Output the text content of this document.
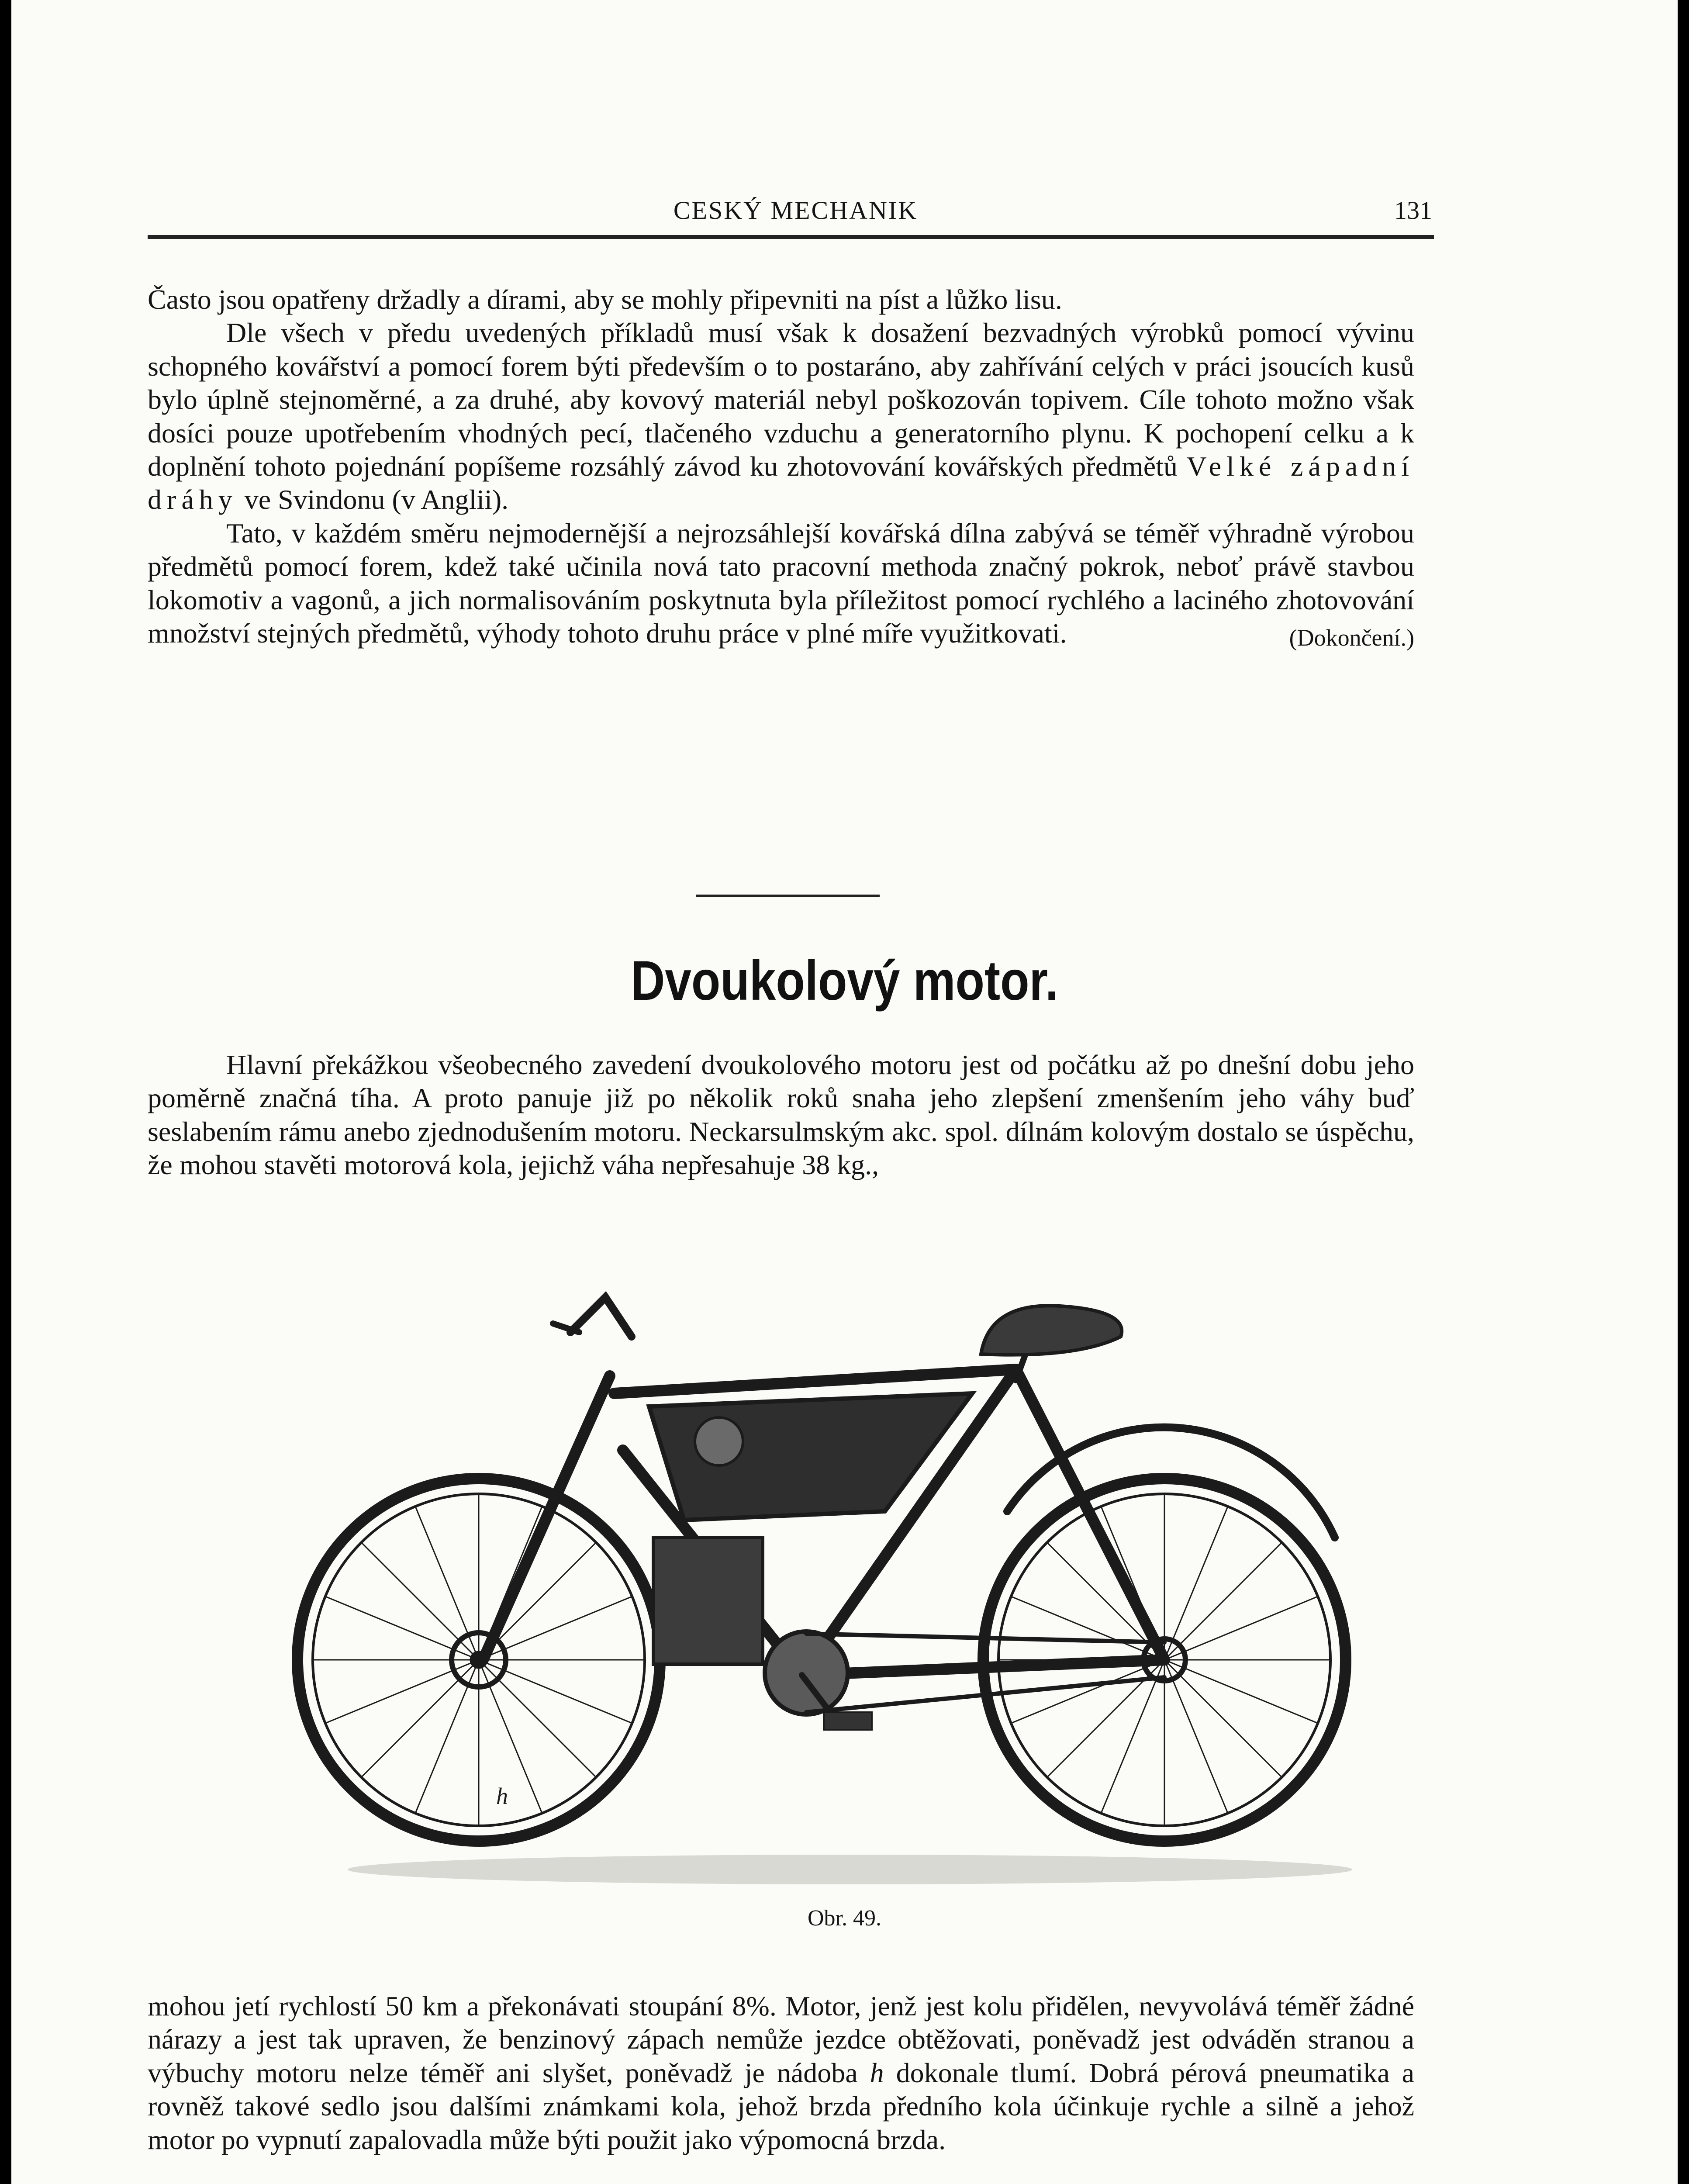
CESKÝ MECHANIK	131

Často jsou opatřeny držadly a dírami, aby se mohly připevniti na píst a lůžko lisu.

Dle všech v předu uvedených příkladů musí však k dosažení bezvadných výrobků pomocí vývinu schopného kovářství a pomocí forem býti především o to postaráno, aby zahřívání celých v práci jsoucích kusů bylo úplně stejnoměrné, a za druhé, aby kovový materiál nebyl poškozován topivem. Cíle tohoto možno však dosíci pouze upotřebením vhodných pecí, tlačeného vzduchu a generatorního plynu. K pochopení celku a k doplnění tohoto pojednání popíšeme rozsáhlý závod ku zhotovování kovářských předmětů Velké západní dráhy ve Svindonu (v Anglii).

Tato, v každém směru nejmodernější a nejrozsáhlejší kovářská dílna zabývá se téměř výhradně výrobou předmětů pomocí forem, kdež také učinila nová tato pracovní methoda značný pokrok, neboť právě stavbou lokomotiv a vagonů, a jich normalisováním poskytnuta byla příležitost pomocí rychlého a laciného zhotovování množství stejných předmětů, výhody tohoto druhu práce v plné míře využitkovati.	(Dokončení.)

Dvoukolový motor.

Hlavní překážkou všeobecného zavedení dvoukolového motoru jest od počátku až po dnešní dobu jeho poměrně značná tíha. A proto panuje již po několik roků snaha jeho zlepšení zmenšením jeho váhy buď seslabením rámu anebo zjednodušením motoru. Neckarsulmským akc. spol. dílnám kolovým dostalo se úspěchu, že mohou stavěti motorová kola, jejichž váha nepřesahuje 38 kg.,

h
Obr. 49.

mohou jetí rychlostí 50 km a překonávati stoupání 8%. Motor, jenž jest kolu přidělen, nevyvolává téměř žádné nárazy a jest tak upraven, že benzinový zápach nemůže jezdce obtěžovati, poněvadž jest odváděn stranou a výbuchy motoru nelze téměř ani slyšet, poněvadž je nádoba h dokonale tlumí. Dobrá pérová pneumatika a rovněž takové sedlo jsou dalšími známkami kola, jehož brzda předního kola účinkuje rychle a silně a jehož motor po vypnutí zapalovadla může býti použit jako výpomocná brzda.
